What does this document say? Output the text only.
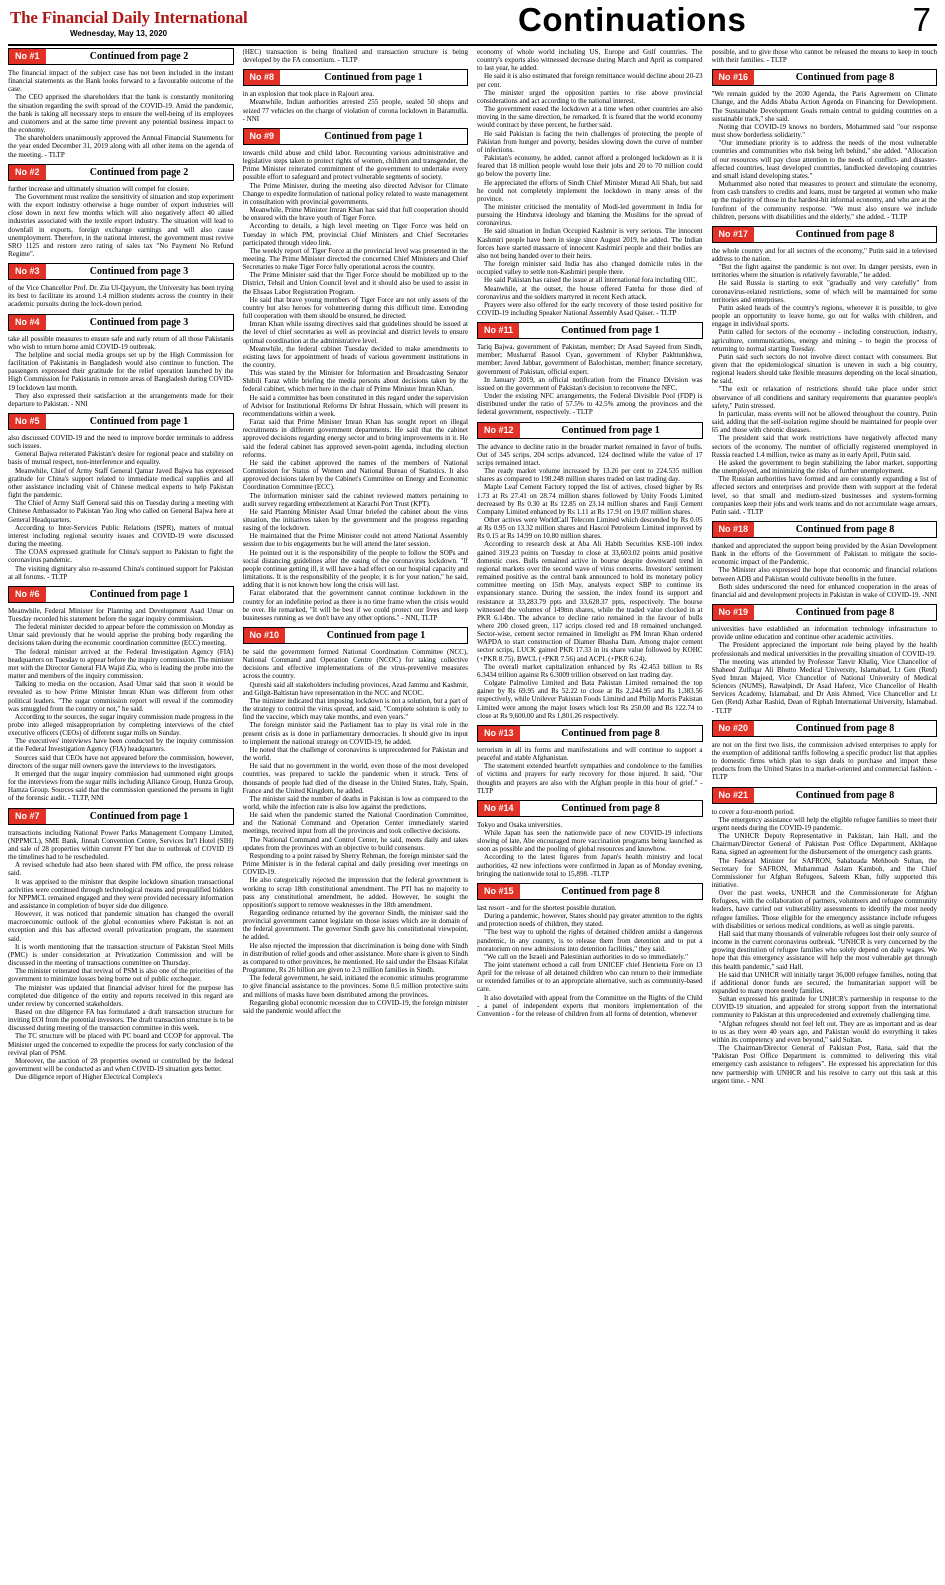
The Financial Daily International
Wednesday, May 13, 2020	Continuations	7
No #1	Continued from page 2

The financial impact of the subject case has not been included in the instant financial statements as the Bank looks forward to a favourable outcome of the case.

The CEO apprised the shareholders that the bank is constantly monitoring the situation regarding the swift spread of the COVID-19. Amid the pandemic, the bank is taking all necessary steps to ensure the well-being of its employees and customers and at the same time prevent any potential business impact to the economy.

The shareholders unanimously approved the Annual Financial Statements for the year ended December 31, 2019 along with all other items on the agenda of the meeting. - TLTP

No #2	Continued from page 2

further increase and ultimately situation will compel for closure.

The Government must realize the sensitivity of situation and stop experiment with the export industry otherwise a huge number of export industries will close down in next few months which will also negatively affect 40 allied industries associated with the textile export industry. The situation will lead to downfall in exports, foreign exchange earnings and will also cause unemployment. Therefore, in the national interest, the government must revive SRO 1125 and restore zero rating of sales tax "No Payment No Refund Regime".

No #3	Continued from page 3

of the Vice Chancellor Prof. Dr. Zia Ul-Qayyum, the University has been trying its best to facilitate its around 1.4 million students across the country in their academic pursuits during the lock-down period.

No #4	Continued from page 3

take all possible measures to ensure safe and early return of all those Pakistanis who wish to return home amid COVID-19 outbreak.

The helpline and social media groups set up by the High Commission for facilitation of Pakistanis in Bangladesh would also continue to function. The passengers expressed their gratitude for the relief operation launched by the High Commission for Pakistanis in remote areas of Bangladesh during COVID-19 lockdown last month.

They also expressed their satisfaction at the arrangements made for their departure to Pakistan. - NNI

No #5	Continued from page 1

also discussed COVID-19 and the need to improve border terminals to address such issues.

General Bajwa reiterated Pakistan's desire for regional peace and stability on basis of mutual respect, non-interference and equality.

Meanwhile, Chief of Army Staff General Qamar Javed Bajwa has expressed gratitude for China's support related to immediate medical supplies and all other assistance including visit of Chinese medical experts to help Pakistan fight the pandemic.

The Chief of Army Staff General said this on Tuesday during a meeting with Chinese Ambassador to Pakistan Yao Jing who called on General Bajwa here at General Headquarters.

According to Inter-Services Public Relations (ISPR), matters of mutual interest including regional security issues and COVID-19 were discussed during the meeting.

The COAS expressed gratitude for China's support to Pakistan to fight the coronavirus pandemic.

The visiting dignitary also re-assured China's continued support for Pakistan at all forums. - TLTP

No #6	Continued from page 1

Meanwhile, Federal Minister for Planning and Development Asad Umar on Tuesday recorded his statement before the sugar inquiry commission.

The federal minister decided to appear before the commission on Monday as Umar said previously that he would apprise the probing body regarding the decisions taken during the economic coordination committee (ECC) meeting.

The federal minister arrived at the Federal Investigation Agency (FIA) headquarters on Tuesday to appear before the inquiry commission. The minister met with the Director General FIA Wajid Zia, who is leading the probe into the matter and members of the inquiry commission.

Talking to media on the occasion, Asad Umar said that soon it would be revealed as to how Prime Minister Imran Khan was different from other political leaders. "The sugar commission report will reveal if the commodity was smuggled from the country or not," he said.

According to the sources, the sugar inquiry commission made progress in the probe into alleged misappropriation by completing interviews of the chief executive officers (CEOs) of different sugar mills on Sunday.

The executives' interviews have been conducted by the inquiry commission at the Federal Investigation Agency (FIA) headquarters.

Sources said that CEOs have not appeared before the commission, however, directors of the sugar mill owners gave the interviews to the investigators.

It emerged that the sugar inquiry commission had summoned eight groups for the interviews from the sugar mills including Alliance Group, Hunza Group, Hamza Group. Sources said that the commission questioned the persons in light of the forensic audit. - TLTP, NNI

No #7	Continued from page 1

transactions including National Power Parks Management Company Limited, (NPPMCL), SME Bank, Jinnah Convention Centre, Services Int'l Hotel (SIH) and sale of 28 properties within current FY but due to outbreak of COVID 19 the timelines had to be rescheduled.

A revised schedule had also been shared with PM office, the press release said.

It was apprised to the minister that despite lockdown situation transactional activities were continued through technological means and prequalified bidders for NPPMCL remained engaged and they were provided necessary information and assistance in completion of buyer side due diligence.

However, it was noticed that pandemic situation has changed the overall macroeconomic outlook of the global economies where Pakistan is not an exception and this has affected overall privatization program, the statement said.

It is worth mentioning that the transaction structure of Pakistan Steel Mills (PMC) is under consideration at Privatization Commission and will be discussed in the meeting of transactions committee on Thursday.

The minister reiterated that revival of PSM is also one of the priorities of the government to minimize losses being borne out of public exchequer.

The minister was updated that financial advisor hired for the purpose has completed due diligence of the entity and reports received in this regard are under review by concerned stakeholders.

Based on due diligence FA has formulated a draft transaction structure for inviting EOI from the potential investors. The draft transaction structure is to be discussed during meeting of the transaction committee in this week.

The TC structure will be placed with PC board and CCOP for approval. The Minister urged the concerned to expedite the process for early conclusion of the revival plan of PSM.

Moreover, the auction of 28 properties owned or controlled by the federal government will be conducted as and when COVID-19 situation gets better.

Due diligence report of Higher Electrical Complex's

(HEC) transaction is being finalized and transaction structure is being developed by the FA consortium. - TLTP

No #8	Continued from page 1

in an explosion that took place in Rajouri area.

Meanwhile, Indian authorities arrested 255 people, sealed 50 shops and seized 77 vehicles on the charge of violation of corona lockdown in Baramulla. - NNI

No #9	Continued from page 1

towards child abuse and child labor. Recounting various administrative and legislative steps taken to protect rights of women, children and transgender, the Prime Minister reiterated commitment of the government to undertake every possible effort to safeguard and protect vulnerable segments of society.

The Prime Minister, during the meeting also directed Advisor for Climate Change to expedite formulation of national policy related to waste management in consultation with provincial governments.

Meanwhile, Prime Minister Imran Khan has said that full cooperation should be ensured with the brave youth of Tiger Force.

According to details, a high level meeting on Tiger Force was held on Tuesday in which PM, provincial Chief Ministers and Chief Secretaries participated through video link.

The weekly report of Tiger Force at the provincial level was presented in the meeting. The Prime Minister directed the concerned Chief Ministers and Chief Secretaries to make Tiger Force fully operational across the country.

The Prime Minister said that the Tiger Force should be mobilized up to the District, Tehsil and Union Council level and it should also be used to assist in the Ehsaas Labor Registration Program.

He said that brave young members of Tiger Force are not only assets of the country but also heroes for volunteering during this difficult time. Extending full cooperation with them should be ensured, he directed.

Imran Khan while issuing directives said that guidelines should be issued at the level of chief secretaries as well as provincial and district levels to ensure optimal coordination at the administrative level.

Meanwhile, the federal cabinet Tuesday decided to make amendments to existing laws for appointment of heads of various government institutions in the country.

This was stated by the Minister for Information and Broadcasting Senator Shibili Faraz while briefing the media persons about decisions taken by the federal cabinet, which met here in the chair of Prime Minister Imran Khan.

He said a committee has been constituted in this regard under the supervision of Advisor for Institutional Reforms Dr Ishrat Hussain, which will present its recommendations within a week.

Faraz said that Prime Minister Imran Khan has sought report on illegal recruitments in different government departments. He said that the cabinet approved decisions regarding energy sector and to bring improvements in it. He said the federal cabinet has approved seven-point agenda, including election reforms.

He said the cabinet approved the names of the members of National Commission for Status of Women and National Bureau of Statistics. It also approved decisions taken by the Cabinet's Committee on Energy and Economic Coordination Committee (ECC).

The information minister said the cabinet reviewed matters pertaining to audit survey regarding embezzlement at Karachi Port Trust (KPT).

He said Planning Minister Asad Umar briefed the cabinet about the virus situation, the initiatives taken by the government and the progress regarding easing of the lockdown.

He maintained that the Prime Minister could not attend National Assembly session due to his engagements but he will attend the later session.

He pointed out it is the responsibility of the people to follow the SOPs and social distancing guidelines after the easing of the coronavirus lockdown. "If people continue getting ill, it will have a bad effect on our hospital capacity and limitations. It is the responsibility of the people; it is for your nation," he said, adding that it is not known how long the crisis will last.

Faraz elaborated that the government cannot continue lockdown in the country for an indefinite period as there is no time frame when the crisis would be over. He remarked, "It will be best if we could protect our lives and keep businesses running as we don't have any other options." - NNI, TLTP

No #10	Continued from page 1

be said the government formed National Coordination Committee (NCC), National Command and Operation Centre (NCOC) for taking collective decisions and effective implementations of the virus-preventive measures across the country.

Qureshi said all stakeholders including provinces, Azad Jammu and Kashmir, and Gilgit-Baltistan have representation in the NCC and NCOC.

The minister indicated that imposing lockdown is not a solution, but a part of the strategy to control the virus spread, and said, "Complete solution is only to find the vaccine, which may take months, and even years."

The foreign minister said the Parliament has to play its vital role in the present crisis as is done in parliamentary democracies. It should give its input to implement the national strategy on COVID-19, he added.

He noted that the challenge of coronavirus is unprecedented for Pakistan and the world.

He said that no government in the world, even those of the most developed countries, was prepared to tackle the pandemic when it struck. Tens of thousands of people had died of the disease in the United States, Italy, Spain, France and the United Kingdom, he added.

The minister said the number of deaths in Pakistan is low as compared to the world, while the infection rate is also low against the predictions.

He said when the pandemic started the National Coordination Committee, and the National Command and Operation Center immediately started meetings, received input from all the provinces and took collective decisions.

The National Command and Control Center, he said, meets daily and takes updates from the provinces with an objective to build consensus.

Responding to a point raised by Sherry Rehman, the foreign minister said the Prime Minister is in the federal capital and daily presiding over meetings on COVID-19.

He also categorically rejected the impression that the federal government is working to scrap 18th constitutional amendment. The PTI has no majority to pass any constitutional amendment, he added. However, he sought the opposition's support to remove weaknesses in the 18th amendment.

Regarding ordinance returned by the governor Sindh, the minister said the provincial government cannot legislate on those issues which are in domain of the federal government. The governor Sindh gave his constitutional viewpoint, he added.

He also rejected the impression that discrimination is being done with Sindh in distribution of relief goods and other assistance. More share is given to Sindh as compared to other provinces, he mentioned. He said under the Ehsaas Kifalat Programme, Rs 26 billion are given to 2.3 million families in Sindh.

The federal government, he said, initiated the economic stimulus programme to give financial assistance to the provinces. Some 0.5 million protective suits and millions of masks have been distributed among the provinces.

Regarding global economic recession due to COVID-19, the foreign minister said the pandemic would affect the

economy of whole world including US, Europe and Gulf countries. The country's exports also witnessed decrease during March and April as compared to last year, he added.

He said it is also estimated that foreign remittance would decline about 20-23 per cent.

The minister urged the opposition parties to rise above provincial considerations and act according to the national interest.

The government eased the lockdown at a time when other countries are also moving in the same direction, he remarked. It is feared that the world economy would contract by three percent, he further said.

He said Pakistan is facing the twin challenges of protecting the people of Pakistan from hunger and poverty, besides slowing down the curve of number of infections.

Pakistan's economy, he added, cannot afford a prolonged lockdown as it is feared that 18 million people would lose their jobs and 20 to 70 million could go below the poverty line.

He appreciated the efforts of Sindh Chief Minister Murad Ali Shah, but said he could not completely implement the lockdown in many areas of the province.

The minister criticised the mentality of Modi-led government in India for pursuing the Hindutva ideology and blaming the Muslims for the spread of coronavirus.

He said situation in Indian Occupied Kashmir is very serious. The innocent Kashmiri people have been in siege since August 2019, he added. The Indian forces have started massacre of innocent Kashmiri people and their bodies are also not being handed over to their heirs.

The foreign minister said India has also changed domicile rules in the occupied valley to settle non-Kashmiri people there.

He said Pakistan has raised the issue at all international fora including OIC.

Meanwhile, at the outset, the house offered Fateha for those died of coronavirus and the soldiers martyred in recent Kech attack.

Prayers were also offered for the early recovery of those tested positive for COVID-19 including Speaker National Assembly Asad Qaiser. - TLTP

No #11	Continued from page 1

Tariq Bajwa, government of Pakistan, member; Dr Asad Sayeed from Sindh, member; Musharraf Rasool Cyan, government of Khyber Pakhtunkhwa, member; Javed Jabbar, government of Balochistan, member; finance secretary, government of Pakistan, official expert.

In January 2019, an official notification from the Finance Division was issued on the government of Pakistan's decision to reconvene the NFC.

Under the existing NFC arrangements, the Federal Divisible Pool (FDP) is distributed under the ratio of 57.5% to 42.5% among the provinces and the federal government, respectively. - TLTP

No #12	Continued from page 1

The advance to decline ratio in the broader market remained in favor of bulls. Out of 345 scrips, 204 scrips advanced, 124 declined while the value of 17 scrips remained intact.

The ready market volume increased by 13.26 per cent to 224.535 million shares as compared to 198.248 million shares traded on last trading day.

Maple Leaf Cement Factory topped the list of actives, closed higher by Rs 1.73 at Rs 27.41 on 28.74 million shares followed by Unity Foods Limited decreased by Rs 0.30 at Rs 12.85 on 23.14 million shares and Fauji Cement Company Limited enhanced by Rs 1.11 at Rs 17.91 on 19.07 million shares.

Other actives were WorldCall Telecom Limited which descended by Rs 0.05 at Rs 0.95 on 13.32 million shares and Hascol Petroleum Limited improved by Rs 0.15 at Rs 14.99 on 10.80 million shares.

According to research desk at Aba Ali Habib Securities KSE-100 index gained 319.23 points on Tuesday to close at 33,603.02 points amid positive domestic cues. Bulls remained active in bourse despite downward trend in regional markets over the second wave of virus concerns. Investors' sentiment remained positive as the central bank announced to hold its monetary policy committee meeting on 15th May, analysts expect SBP to continue its expansionary stance. During the session, the index found its support and resistance at 33,283.79 ppts and 33,628.37 ppts, respectively. The bourse witnessed the volumes of 149mn shares, while the traded value clocked in at PKR 6.14bn. The advance to decline ratio remained in the favour of bulls where 200 closed green, 117 scrips closed red and 18 remained unchanged. Sector-wise, cement sector remained in limelight as PM Imran Khan ordered WAPDA to start construction of Diamer Bhasha Dam. Among major cement sector scrips, LUCK gained PKR 17.33 in its share value followed by KOHC (+PKR 8.75), BWCL (+PKR 7.56) and ACPL (+PKR 6.24).

The overall market capitalization enhanced by Rs 42.453 billion to Rs 6.3434 trillion against Rs 6.3009 trillion observed on last trading day.

Colgate Palmolive Limited and Bata Pakistan Limited remained the top gainer by Rs 69.95 and Rs 52.22 to close at Rs 2,244.95 and Rs 1,383.56 respectively, while Unilever Pakistan Foods Limited and Philip Morris Pakistan Limited were among the major losers which lost Rs 250.00 and Rs 122.74 to close at Rs 9,600.00 and Rs 1,801.26 respectively.

No #13	Continued from page 8

terrorism in all its forms and manifestations and will continue to support a peaceful and stable Afghanistan.

The statement extended heartfelt sympathies and condolence to the families of victims and prayers for early recovery for those injured. It said, "Our thoughts and prayers are also with the Afghan people in this hour of grief." - TLTP

No #14	Continued from page 8

Tokyo and Osaka universities.

While Japan has seen the nationwide pace of new COVID-19 infections slowing of late, Abe encouraged more vaccination programs being launched as soon as possible and the pooling of global resources and knowhow.

According to the latest figures from Japan's health ministry and local authorities, 42 new infections were confirmed in Japan as of Monday evening, bringing the nationwide total to 15,898. -TLTP

No #15	Continued from page 8

last resort - and for the shortest possible duration.

During a pandemic, however, States should pay greater attention to the rights and protection needs of children, they stated.

"The best way to uphold the rights of detained children amidst a dangerous pandemic, in any country, is to release them from detention and to put a moratorium on new admissions into detention facilities," they said.

"We call on the Israeli and Palestinian authorities to do so immediately."

The joint statement echoed a call from UNICEF chief Henrietta Fore on 13 April for the release of all detained children who can return to their immediate or extended families or to an appropriate alternative, such as community-based care.

It also dovetailed with appeal from the Committee on the Rights of the Child - a panel of independent experts that monitors implementation of the Convention - for the release of children from all forms of detention, whenever

possible, and to give those who cannot be released the means to keep in touch with their families. - TLTP

No #16	Continued from page 8

"We remain guided by the 2030 Agenda, the Paris Agreement on Climate Change, and the Addis Ababa Action Agenda on Financing for Development. The Sustainable Development Goals remain central to guiding countries on a sustainable track," she said.

Noting that COVID-19 knows no borders, Mohammed said "our response must show borderless solidarity."

"Our immediate priority is to address the needs of the most vulnerable countries and communities who risk being left behind," she added. "Allocation of our resources will pay close attention to the needs of conflict- and disaster-affected countries, least developed countries, landlocked developing countries and small island developing states."

Mohammed also noted that measures to protect and stimulate the economy, from cash transfers to credits and loans, must be targeted at women who make up the majority of those in the hardest-hit informal economy, and who are at the forefront of the community response. "We must also ensure we include children, persons with disabilities and the elderly," she added. - TLTP

No #17	Continued from page 8

the whole country and for all sectors of the economy," Putin said in a televised address to the nation.

"But the fight against the pandemic is not over. Its danger persists, even in territories where the situation is relatively favorable," he added.

He said Russia is starting to exit "gradually and very carefully" from coronavirus-related restrictions, some of which will be maintained for some territories and enterprises.

Putin asked heads of the country's regions, wherever it is possible, to give people an opportunity to leave home, go out for walks with children, and engage in individual sports.

Putin called for sectors of the economy - including construction, industry, agriculture, communications, energy and mining - to begin the process of returning to normal starting Tuesday.

Putin said such sectors do not involve direct contact with consumers. But given that the epidemiological situation is uneven in such a big country, regional leaders should take flexible measures depending on the local situation, he said.

"The exit or relaxation of restrictions should take place under strict observance of all conditions and sanitary requirements that guarantee people's safety," Putin stressed.

In particular, mass events will not be allowed throughout the country, Putin said, adding that the self-isolation regime should be maintained for people over 65 and those with chronic diseases.

The president said that work restrictions have negatively affected many sectors of the economy. The number of officially registered unemployed in Russia reached 1.4 million, twice as many as in early April, Putin said.

He asked the government to begin stabilizing the labor market, supporting the unemployed, and minimizing the risks of further unemployment.

The Russian authorities have formed and are constantly expanding a list of affected sectors and enterprises and provide them with support at the federal level, so that small and medium-sized businesses and system-forming companies keep their jobs and work teams and do not accumulate wage arrears, Putin said. - TLTP

No #18	Continued from page 8

thanked and appreciated the support being provided by the Asian Development Bank in the efforts of the Government of Pakistan to mitigate the socio-economic impact of the Pandemic.

The Minister also expressed the hope that economic and financial relations between ADB and Pakistan would cultivate benefits in the future.

Both sides underscored the need for enhanced cooperation in the areas of financial aid and development projects in Pakistan in wake of COVID-19. -NNI

No #19	Continued from page 8

universities have established an information technology infrastructure to provide online education and continue other academic activities.

The President appreciated the important role being played by the health professionals and medical universities in the prevailing situation of COVID-19.

The meeting was attended by Professor Tanvir Khaliq, Vice Chancellor of Shaheed Zulfiqar Ali Bhutto Medical University, Islamabad, Lt Gen (Retd) Syed Imran Majeed, Vice Chancellor of National University of Medical Sciences (NUMS), Rawalpindi, Dr Asad Hafeez, Vice Chancellor of Health Services Academy, Islamabad, and Dr Anis Ahmed, Vice Chancellor and Lt Gen (Retd) Azhar Rashid, Dean of Riphah International University, Islamabad. - TLTP

No #20	Continued from page 8

are not on the first two lists, the commission advised enterprises to apply for the exemption of additional tariffs following a specific product list that applies to domestic firms which plan to sign deals to purchase and import these products from the United States in a market-oriented and commercial fashion. - TLTP

No #21	Continued from page 8

to cover a four-month period.

The emergency assistance will help the eligible refugee families to meet their urgent needs during the COVID-19 pandemic.

The UNHCR Deputy Representative in Pakistan, Iain Hall, and the Chairman/Director General of Pakistan Post Office Department, Akhlaque Rana, signed an agreement for the disbursement of the emergency cash grants.

The Federal Minister for SAFRON, Sahabzada Mehboob Sultan, the Secretary for SAFRON, Muhammad Aslam Kamboh, and the Chief Commissioner for Afghan Refugees, Saleem Khan, fully supported this initiative.

Over the past weeks, UNHCR and the Commissionerate for Afghan Refugees, with the collaboration of partners, volunteers and refugee community leaders, have carried out vulnerability assessments to identify the most needy refugee families. Those eligible for the emergency assistance include refugees with disabilities or serious medical conditions, as well as single parents.

Hall said that many thousands of vulnerable refugees lost their only source of income in the current coronavirus outbreak. "UNHCR is very concerned by the growing destitution of refugee families who solely depend on daily wages. We hope that this emergency assistance will help the most vulnerable get through this health pandemic," said Hall.

He said that UNHCR will initially target 36,000 refugee families, noting that if additional donor funds are secured, the humanitarian support will be expanded to many more needy families.

Sultan expressed his gratitude for UNHCR's partnership in response to the COVID-19 situation, and appealed for strong support from the international community to Pakistan at this unprecedented and extremely challenging time.

"Afghan refugees should not feel left out. They are as important and as dear to us as they were 40 years ago, and Pakistan would do everything it takes within its competency and even beyond," said Sultan.

The Chairman/Director General of Pakistan Post, Rana, said that the "Pakistan Post Office Department is committed to delivering this vital emergency cash assistance to refugees". He expressed his appreciation for this new partnership with UNHCR and his resolve to carry out this task at this urgent time. - NNI
